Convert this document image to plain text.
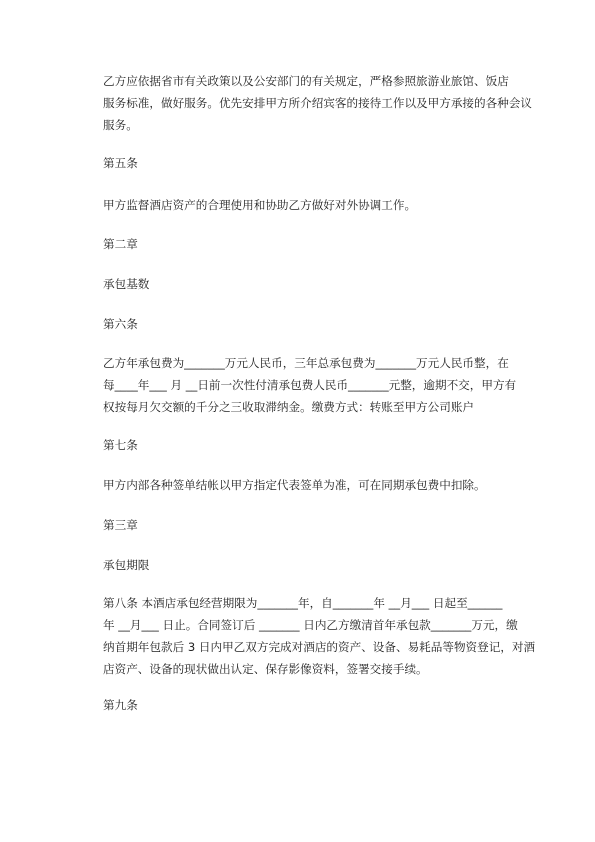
乙方应依据省市有关政策以及公安部门的有关规定，严格参照旅游业旅馆、饭店
服务标准，做好服务。优先安排甲方所介绍宾客的接待工作以及甲方承接的各种会议
服务。

第五条

甲方监督酒店资产的合理使用和协助乙方做好对外协调工作。

第二章

承包基数

第六条

乙方年承包费为_______万元人民币，三年总承包费为_______万元人民币整，在
每____年___ 月 __日前一次性付清承包费人民币_______元整，逾期不交，甲方有
权按每月欠交额的千分之三收取滞纳金。缴费方式：转账至甲方公司账户

第七条

甲方内部各种签单结帐以甲方指定代表签单为准，可在同期承包费中扣除。

第三章

承包期限

第八条 本酒店承包经营期限为_______年，自_______年 __月___ 日起至______
年 __月___ 日止。合同签订后 _______ 日内乙方缴清首年承包款_______万元，缴
纳首期年包款后 3 日内甲乙双方完成对酒店的资产、设备、易耗品等物资登记，对酒
店资产、设备的现状做出认定、保存影像资料，签署交接手续。

第九条
